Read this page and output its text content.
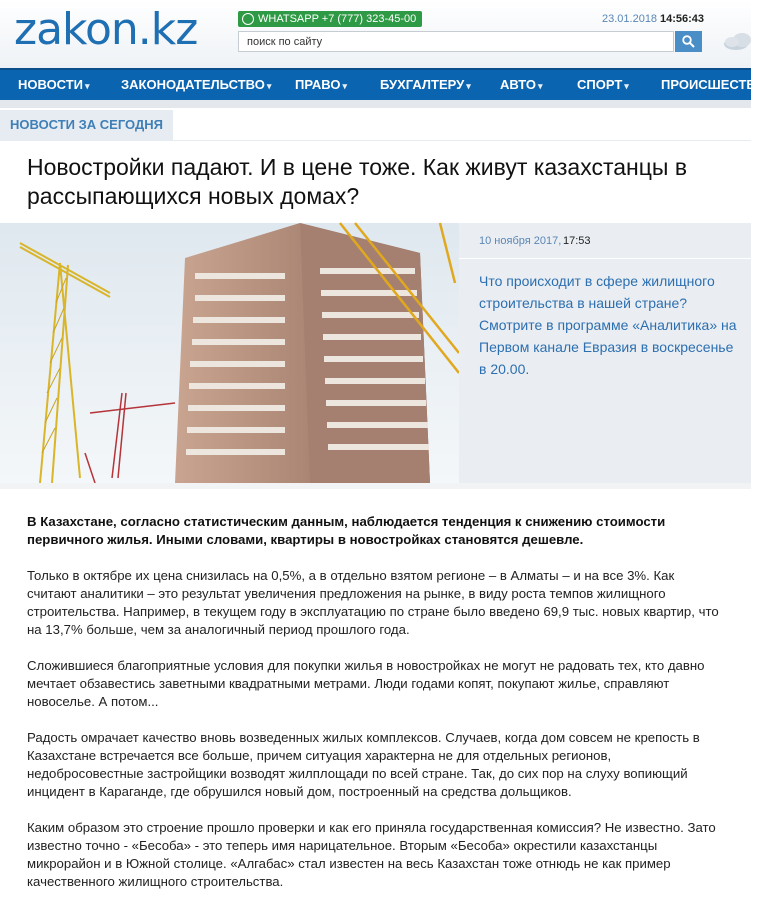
zakon.kz	WHATSAPP +7 (777) 323-45-00	23.01.2018 14:56:43
поиск по сайту
НОВОСТИ ▾ ЗАКОНОДАТЕЛЬСТВО ▾ ПРАВО ▾	БУХГАЛТЕРУ ▾ АВТО ▾	СПОРТ ▾ ПРОИСШЕСТВИЯ
НОВОСТИ ЗА СЕГОДНЯ
Новостройки падают. И в цене тоже. Как живут казахстанцы в рассыпающихся новых домах?
10 ноября 2017, 17:53
Что происходит в сфере жилищного строительства в нашей стране? Смотрите в программе «Аналитика» на Первом канале Евразия в воскресенье в 20.00.

В Казахстане, согласно статистическим данным, наблюдается тенденция к снижению стоимости первичного жилья. Иными словами, квартиры в новостройках становятся дешевле.

Только в октябре их цена снизилась на 0,5%, а в отдельно взятом регионе – в Алматы – и на все 3%. Как считают аналитики – это результат увеличения предложения на рынке, в виду роста темпов жилищного строительства. Например, в текущем году в эксплуатацию по стране было введено 69,9 тыс. новых квартир, что на 13,7% больше, чем за аналогичный период прошлого года.

Сложившиеся благоприятные условия для покупки жилья в новостройках не могут не радовать тех, кто давно мечтает обзавестись заветными квадратными метрами. Люди годами копят, покупают жилье, справляют новоселье. А потом...

Радость омрачает качество вновь возведенных жилых комплексов. Случаев, когда дом совсем не крепость в Казахстане встречается все больше, причем ситуация характерна не для отдельных регионов, недобросовестные застройщики возводят жилплощади по всей стране. Так, до сих пор на слуху вопиющий инцидент в Караганде, где обрушился новый дом, построенный на средства дольщиков.

Каким образом это строение прошло проверки и как его приняла государственная комиссия? Не известно. Зато известно точно - «Бесоба» - это теперь имя нарицательное. Вторым «Бесоба» окрестили казахстанцы микрорайон и в Южной столице. «Алгабас» стал известен на весь Казахстан тоже отнюдь не как пример качественного жилищного строительства.
